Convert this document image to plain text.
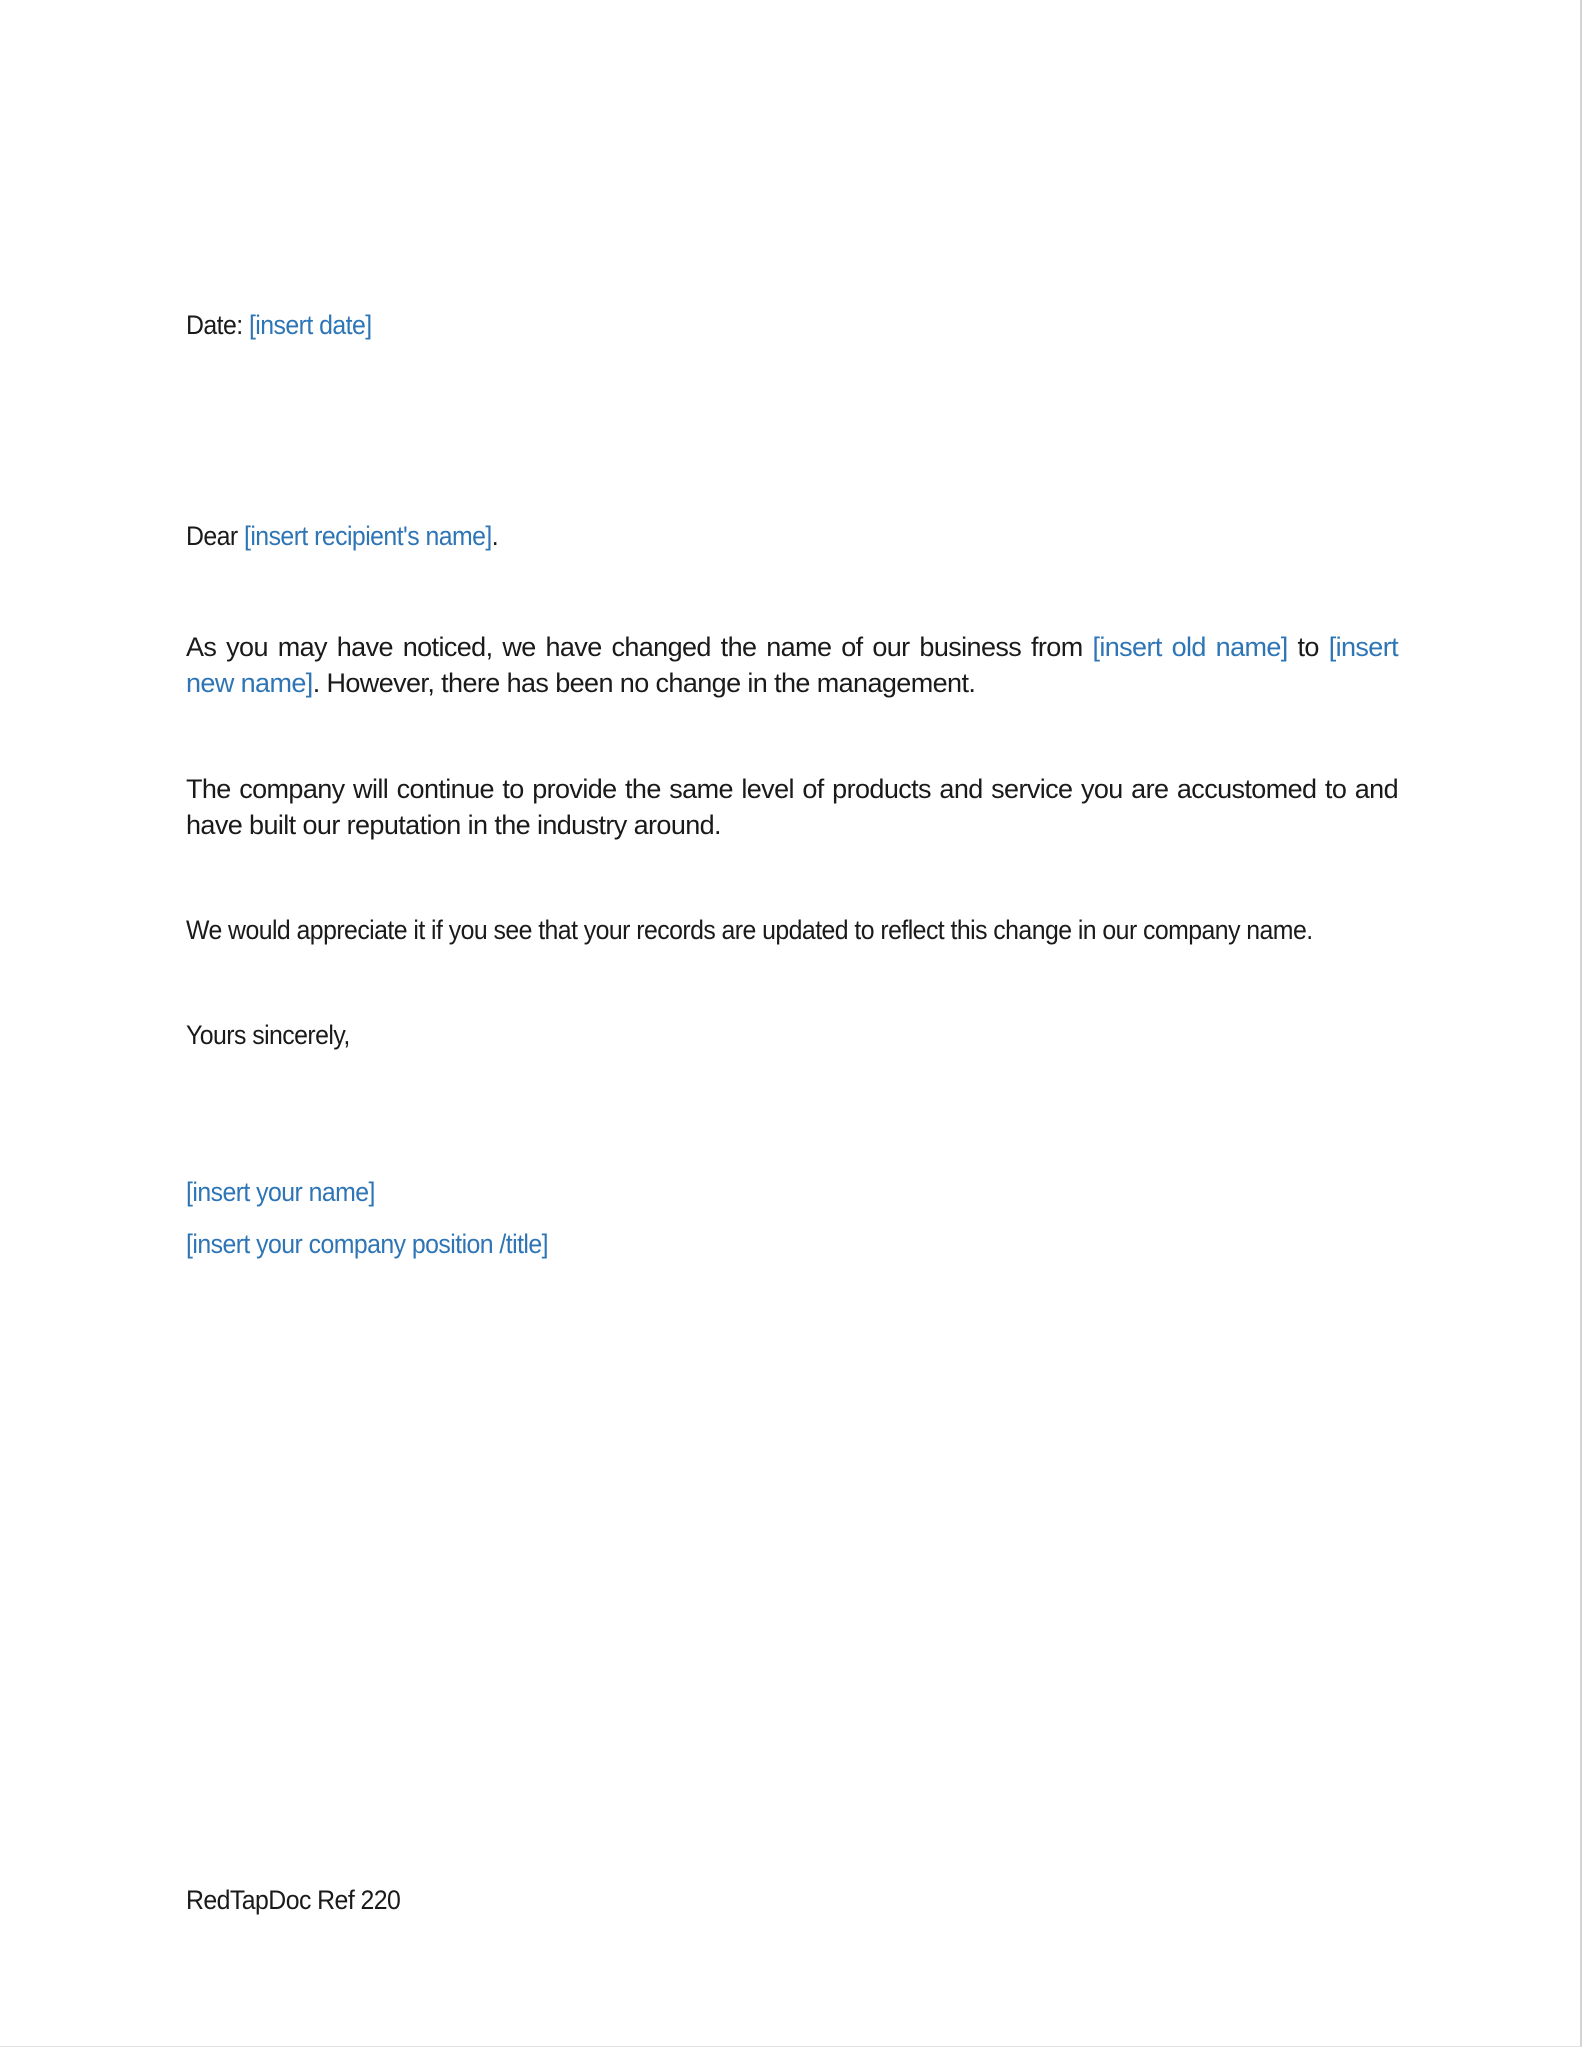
Date: [insert date]
Dear [insert recipient's name].
As you may have noticed, we have changed the name of our business from [insert old name] to [insert new name]. However, there has been no change in the management.
The company will continue to provide the same level of products and service you are accustomed to and have built our reputation in the industry around.
We would appreciate it if you see that your records are updated to reflect this change in our company name.
Yours sincerely,
[insert your name]
[insert your company position /title]
RedTapDoc Ref 220
